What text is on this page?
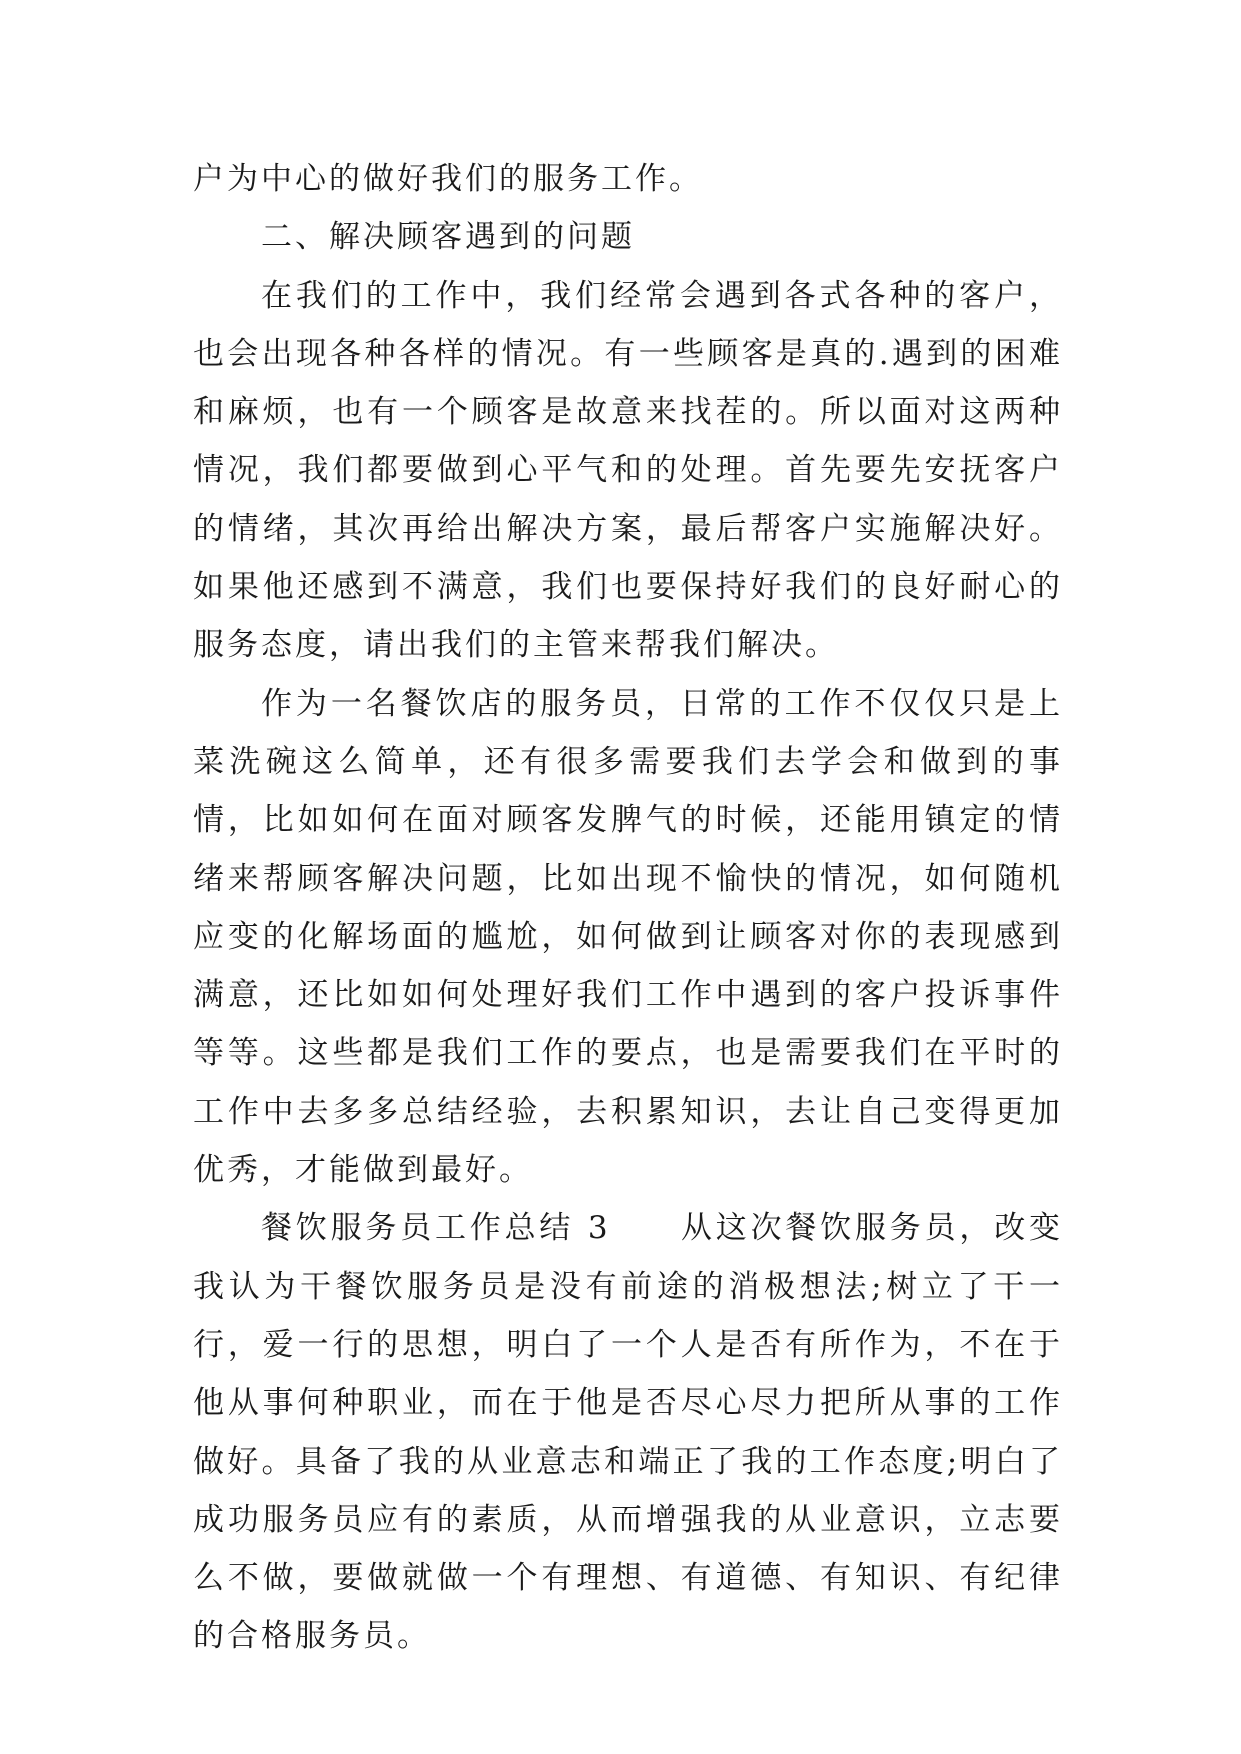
户为中心的做好我们的服务工作。

二、解决顾客遇到的问题

在我们的工作中，我们经常会遇到各式各种的客户，也会出现各种各样的情况。有一些顾客是真的.遇到的困难和麻烦，也有一个顾客是故意来找茬的。所以面对这两种情况，我们都要做到心平气和的处理。首先要先安抚客户的情绪，其次再给出解决方案，最后帮客户实施解决好。如果他还感到不满意，我们也要保持好我们的良好耐心的服务态度，请出我们的主管来帮我们解决。

作为一名餐饮店的服务员，日常的工作不仅仅只是上菜洗碗这么简单，还有很多需要我们去学会和做到的事情，比如如何在面对顾客发脾气的时候，还能用镇定的情绪来帮顾客解决问题，比如出现不愉快的情况，如何随机应变的化解场面的尴尬，如何做到让顾客对你的表现感到满意，还比如如何处理好我们工作中遇到的客户投诉事件等等。这些都是我们工作的要点，也是需要我们在平时的工作中去多多总结经验，去积累知识，去让自己变得更加优秀，才能做到最好。

餐饮服务员工作总结 3　　从这次餐饮服务员，改变我认为干餐饮服务员是没有前途的消极想法;树立了干一行，爱一行的思想，明白了一个人是否有所作为，不在于他从事何种职业，而在于他是否尽心尽力把所从事的工作做好。具备了我的从业意志和端正了我的工作态度;明白了成功服务员应有的素质，从而增强我的从业意识，立志要么不做，要做就做一个有理想、有道德、有知识、有纪律的合格服务员。
